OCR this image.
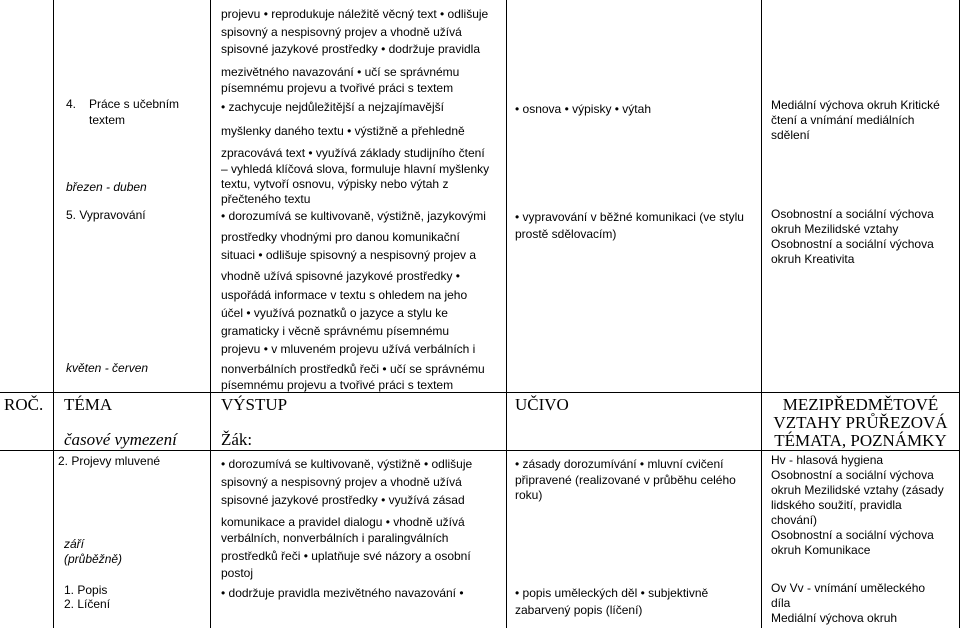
4. Práce s učebním
textem
březen - duben
5. Vypravování
květen - červen
projevu • reprodukuje náležitě věcný text • odlišuje
spisovný a nespisovný projev a vhodně užívá
spisovné jazykové prostředky • dodržuje pravidla
mezivětného navazování • učí se správnému
písemnému projevu a tvořivé práci s textem
• zachycuje nejdůležitější a nejzajímavější
myšlenky daného textu • výstižně a přehledně
zpracovává text • využívá základy studijního čtení
– vyhledá klíčová slova, formuluje hlavní myšlenky
textu, vytvoří osnovu, výpisky nebo výtah z
přečteného textu
• dorozumívá se kultivovaně, výstižně, jazykovými
prostředky vhodnými pro danou komunikační
situaci • odlišuje spisovný a nespisovný projev a
vhodně užívá spisovné jazykové prostředky •
uspořádá informace v textu s ohledem na jeho
účel • využívá poznatků o jazyce a stylu ke
gramaticky i věcně správnému písemnému
projevu • v mluveném projevu užívá verbálních i
nonverbálních prostředků řeči • učí se správnému
písemnému projevu a tvořivé práci s textem
• osnova • výpisky • výtah
• vypravování v běžné komunikaci (ve stylu
prostě sdělovacím)
Mediální výchova okruh Kritické
čtení a vnímání mediálních
sdělení
Osobnostní a sociální výchova
okruh Mezilidské vztahy
Osobnostní a sociální výchova
okruh Kreativita
ROČ. TÉMA
časové vymezení
VÝSTUP
Žák:
UČIVO	MEZIPŘEDMĚTOVÉ
VZTAHY PRŮŘEZOVÁ
TÉMATA, POZNÁMKY
2. Projevy mluvené
září
(průběžně)
1. Popis
2. Líčení
• dorozumívá se kultivovaně, výstižně • odlišuje
spisovný a nespisovný projev a vhodně užívá
spisovné jazykové prostředky • využívá zásad
komunikace a pravidel dialogu • vhodně užívá
verbálních, nonverbálních i paralingválních
prostředků řeči • uplatňuje své názory a osobní
postoj
• dodržuje pravidla mezivětného navazování •
• zásady dorozumívání • mluvní cvičení
připravené (realizované v průběhu celého
roku)
• popis uměleckých děl • subjektivně
zabarvený popis (líčení)
Hv - hlasová hygiena
Osobnostní a sociální výchova
okruh Mezilidské vztahy (zásady
lidského soužití, pravidla
chování)
Osobnostní a sociální výchova
okruh Komunikace
Ov Vv - vnímání uměleckého
díla
Mediální výchova okruh
